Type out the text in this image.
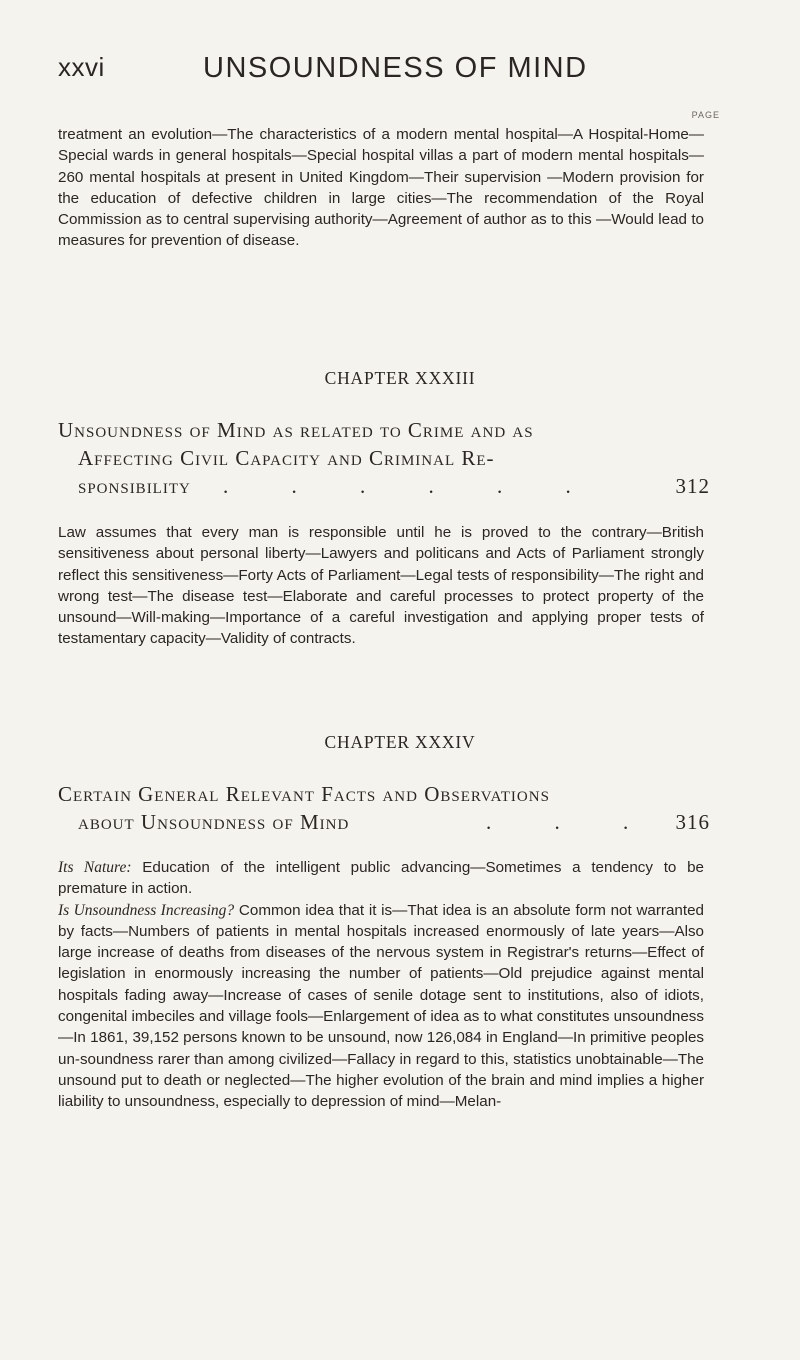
xxvi	UNSOUNDNESS OF MIND
PAGE

treatment an evolution—The characteristics of a modern mental hospital—A Hospital-Home—Special wards in general hospitals—Special hospital villas a part of modern mental hospitals—260 mental hospitals at present in United Kingdom—Their supervision —Modern provision for the education of defective children in large cities—The recommendation of the Royal Commission as to central supervising authority—Agreement of author as to this —Would lead to measures for prevention of disease.

CHAPTER XXXIII
Unsoundness of Mind as related to Crime and as
Affecting Civil Capacity and Criminal Re-
sponsibility . . . . . .	312

Law assumes that every man is responsible until he is proved to the contrary—British sensitiveness about personal liberty—Lawyers and politicans and Acts of Parliament strongly reflect this sensitiveness—Forty Acts of Parliament—Legal tests of responsibility—The right and wrong test—The disease test—Elaborate and careful processes to protect property of the unsound—Will-making—Importance of a careful investigation and applying proper tests of testamentary capacity—Validity of contracts.

CHAPTER XXXIV
Certain General Relevant Facts and Observations
about Unsoundness of Mind	. . . 316

Its Nature: Education of the intelligent public advancing—Sometimes a tendency to be premature in action.

Is Unsoundness Increasing? Common idea that it is—That idea is an absolute form not warranted by facts—Numbers of patients in mental hospitals increased enormously of late years—Also large increase of deaths from diseases of the nervous system in Registrar's returns—Effect of legislation in enormously increasing the number of patients—Old prejudice against mental hospitals fading away—Increase of cases of senile dotage sent to institutions, also of idiots, congenital imbeciles and village fools—Enlargement of idea as to what constitutes unsoundness—In 1861, 39,152 persons known to be unsound, now 126,084 in England—In primitive peoples un-soundness rarer than among civilized—Fallacy in regard to this, statistics unobtainable—The unsound put to death or neglected—The higher evolution of the brain and mind implies a higher liability to unsoundness, especially to depression of mind—Melan-
